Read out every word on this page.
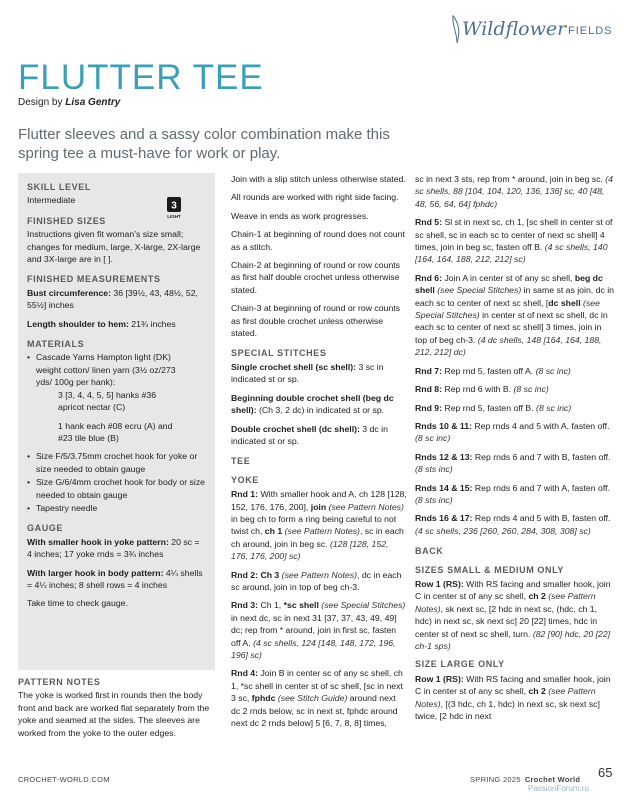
Wildflower FIELDS
FLUTTER TEE
Design by Lisa Gentry
Flutter sleeves and a sassy color combination make this spring tee a must-have for work or play.
SKILL LEVEL

Intermediate

FINISHED SIZES

Instructions given fit woman’s size small; changes for medium, large, X-large, 2X-large and 3X-large are in [ ].

FINISHED MEASUREMENTS

Bust circumference: 36 [39½, 43, 48½, 52, 55½] inches

Length shoulder to hem: 21¾ inches

MATERIALS
• Cascade Yarns Hampton light (DK) weight cotton/ linen yarn (3½ oz/273 yds/ 100g per hank):

3 [3, 4, 4, 5, 5] hanks #36 apricot nectar (C)

1 hank each #08 ecru (A) and #23 tile blue (B)

• Size F/5/3.75mm crochet hook for yoke or size needed to obtain gauge
• Size G/6/4mm crochet hook for body or size needed to obtain gauge
• Tapestry needle
GAUGE

With smaller hook in yoke pattern: 20 sc = 4 inches; 17 yoke rnds = 3¾ inches

With larger hook in body pattern: 4¼ shells = 4¼ inches; 8 shell rows = 4 inches

Take time to check gauge.

3
LIGHT
PATTERN NOTES

The yoke is worked first in rounds then the body front and back are worked flat separately from the yoke and seamed at the sides. The sleeves are worked from the yoke to the outer edges.

Join with a slip stitch unless otherwise stated.

All rounds are worked with right side facing.

Weave in ends as work progresses.

Chain-1 at beginning of round does not count as a stitch.

Chain-2 at beginning of round or row counts as first half double crochet unless otherwise stated.

Chain-3 at beginning of round or row counts as first double crochet unless otherwise stated.

SPECIAL STITCHES

Single crochet shell (sc shell): 3 sc in indicated st or sp.

Beginning double crochet shell (beg dc shell): (Ch 3, 2 dc) in indicated st or sp.

Double crochet shell (dc shell): 3 dc in indicated st or sp.

TEE
YOKE

Rnd 1: With smaller hook and A, ch 128 [128, 152, 176, 176, 200], join (see Pattern Notes) in beg ch to form a ring being careful to not twist ch, ch 1 (see Pattern Notes), sc in each ch around, join in beg sc. (128 [128, 152, 176, 176, 200] sc)

Rnd 2: Ch 3 (see Pattern Notes), dc in each sc around, join in top of beg ch-3.

Rnd 3: Ch 1, *sc shell (see Special Stitches) in next dc, sc in next 31 [37, 37, 43, 49, 49] dc; rep from * around, join in first sc, fasten off A. (4 sc shells, 124 [148, 148, 172, 196, 196] sc)

Rnd 4: Join B in center sc of any sc shell, ch 1, *sc shell in center st of sc shell, [sc in next 3 sc, fphdc (see Stitch Guide) around next dc 2 rnds below, sc in next st, fphdc around next dc 2 rnds below] 5 [6, 7, 8, 8] times,

sc in next 3 sts, rep from * around, join in beg sc. (4 sc shells, 88 [104, 104, 120, 136, 136] sc, 40 [48, 48, 56, 64, 64] fphdc)

Rnd 5: Sl st in next sc, ch 1, [sc shell in center st of sc shell, sc in each sc to center of next sc shell] 4 times, join in beg sc, fasten off B. (4 sc shells, 140 [164, 164, 188, 212, 212] sc)

Rnd 6: Join A in center st of any sc shell, beg dc shell (see Special Stitches) in same st as join, dc in each sc to center of next sc shell, [dc shell (see Special Stitches) in center st of next sc shell, dc in each sc to center of next sc shell] 3 times, join in top of beg ch-3. (4 dc shells, 148 [164, 164, 188, 212, 212] dc)

Rnd 7: Rep rnd 5, fasten off A. (8 sc inc)

Rnd 8: Rep rnd 6 with B. (8 sc inc)

Rnd 9: Rep rnd 5, fasten off B. (8 sc inc)

Rnds 10 & 11: Rep rnds 4 and 5 with A, fasten off. (8 sc inc)

Rnds 12 & 13: Rep rnds 6 and 7 with B, fasten off. (8 sts inc)

Rnds 14 & 15: Rep rnds 6 and 7 with A, fasten off. (8 sts inc)

Rnds 16 & 17: Rep rnds 4 and 5 with B, fasten off. (4 sc shells, 236 [260, 260, 284, 308, 308] sc)

BACK
SIZES SMALL & MEDIUM ONLY

Row 1 (RS): With RS facing and smaller hook, join C in center st of any sc shell, ch 2 (see Pattern Notes), sk next sc, [2 hdc in next sc, (hdc, ch 1, hdc) in next sc, sk next sc] 20 [22] times, hdc in center st of next sc shell, turn. (82 [90] hdc, 20 [22] ch-1 sps)

SIZE LARGE ONLY

Row 1 (RS): With RS facing and smaller hook, join C in center st of any sc shell, ch 2 (see Pattern Notes), [(3 hdc, ch 1, hdc) in next sc, sk next sc] twice, [2 hdc in next

CROCHET-WORLD.COM	SPRING 2025 Crochet World 65
PassionForum.ru
